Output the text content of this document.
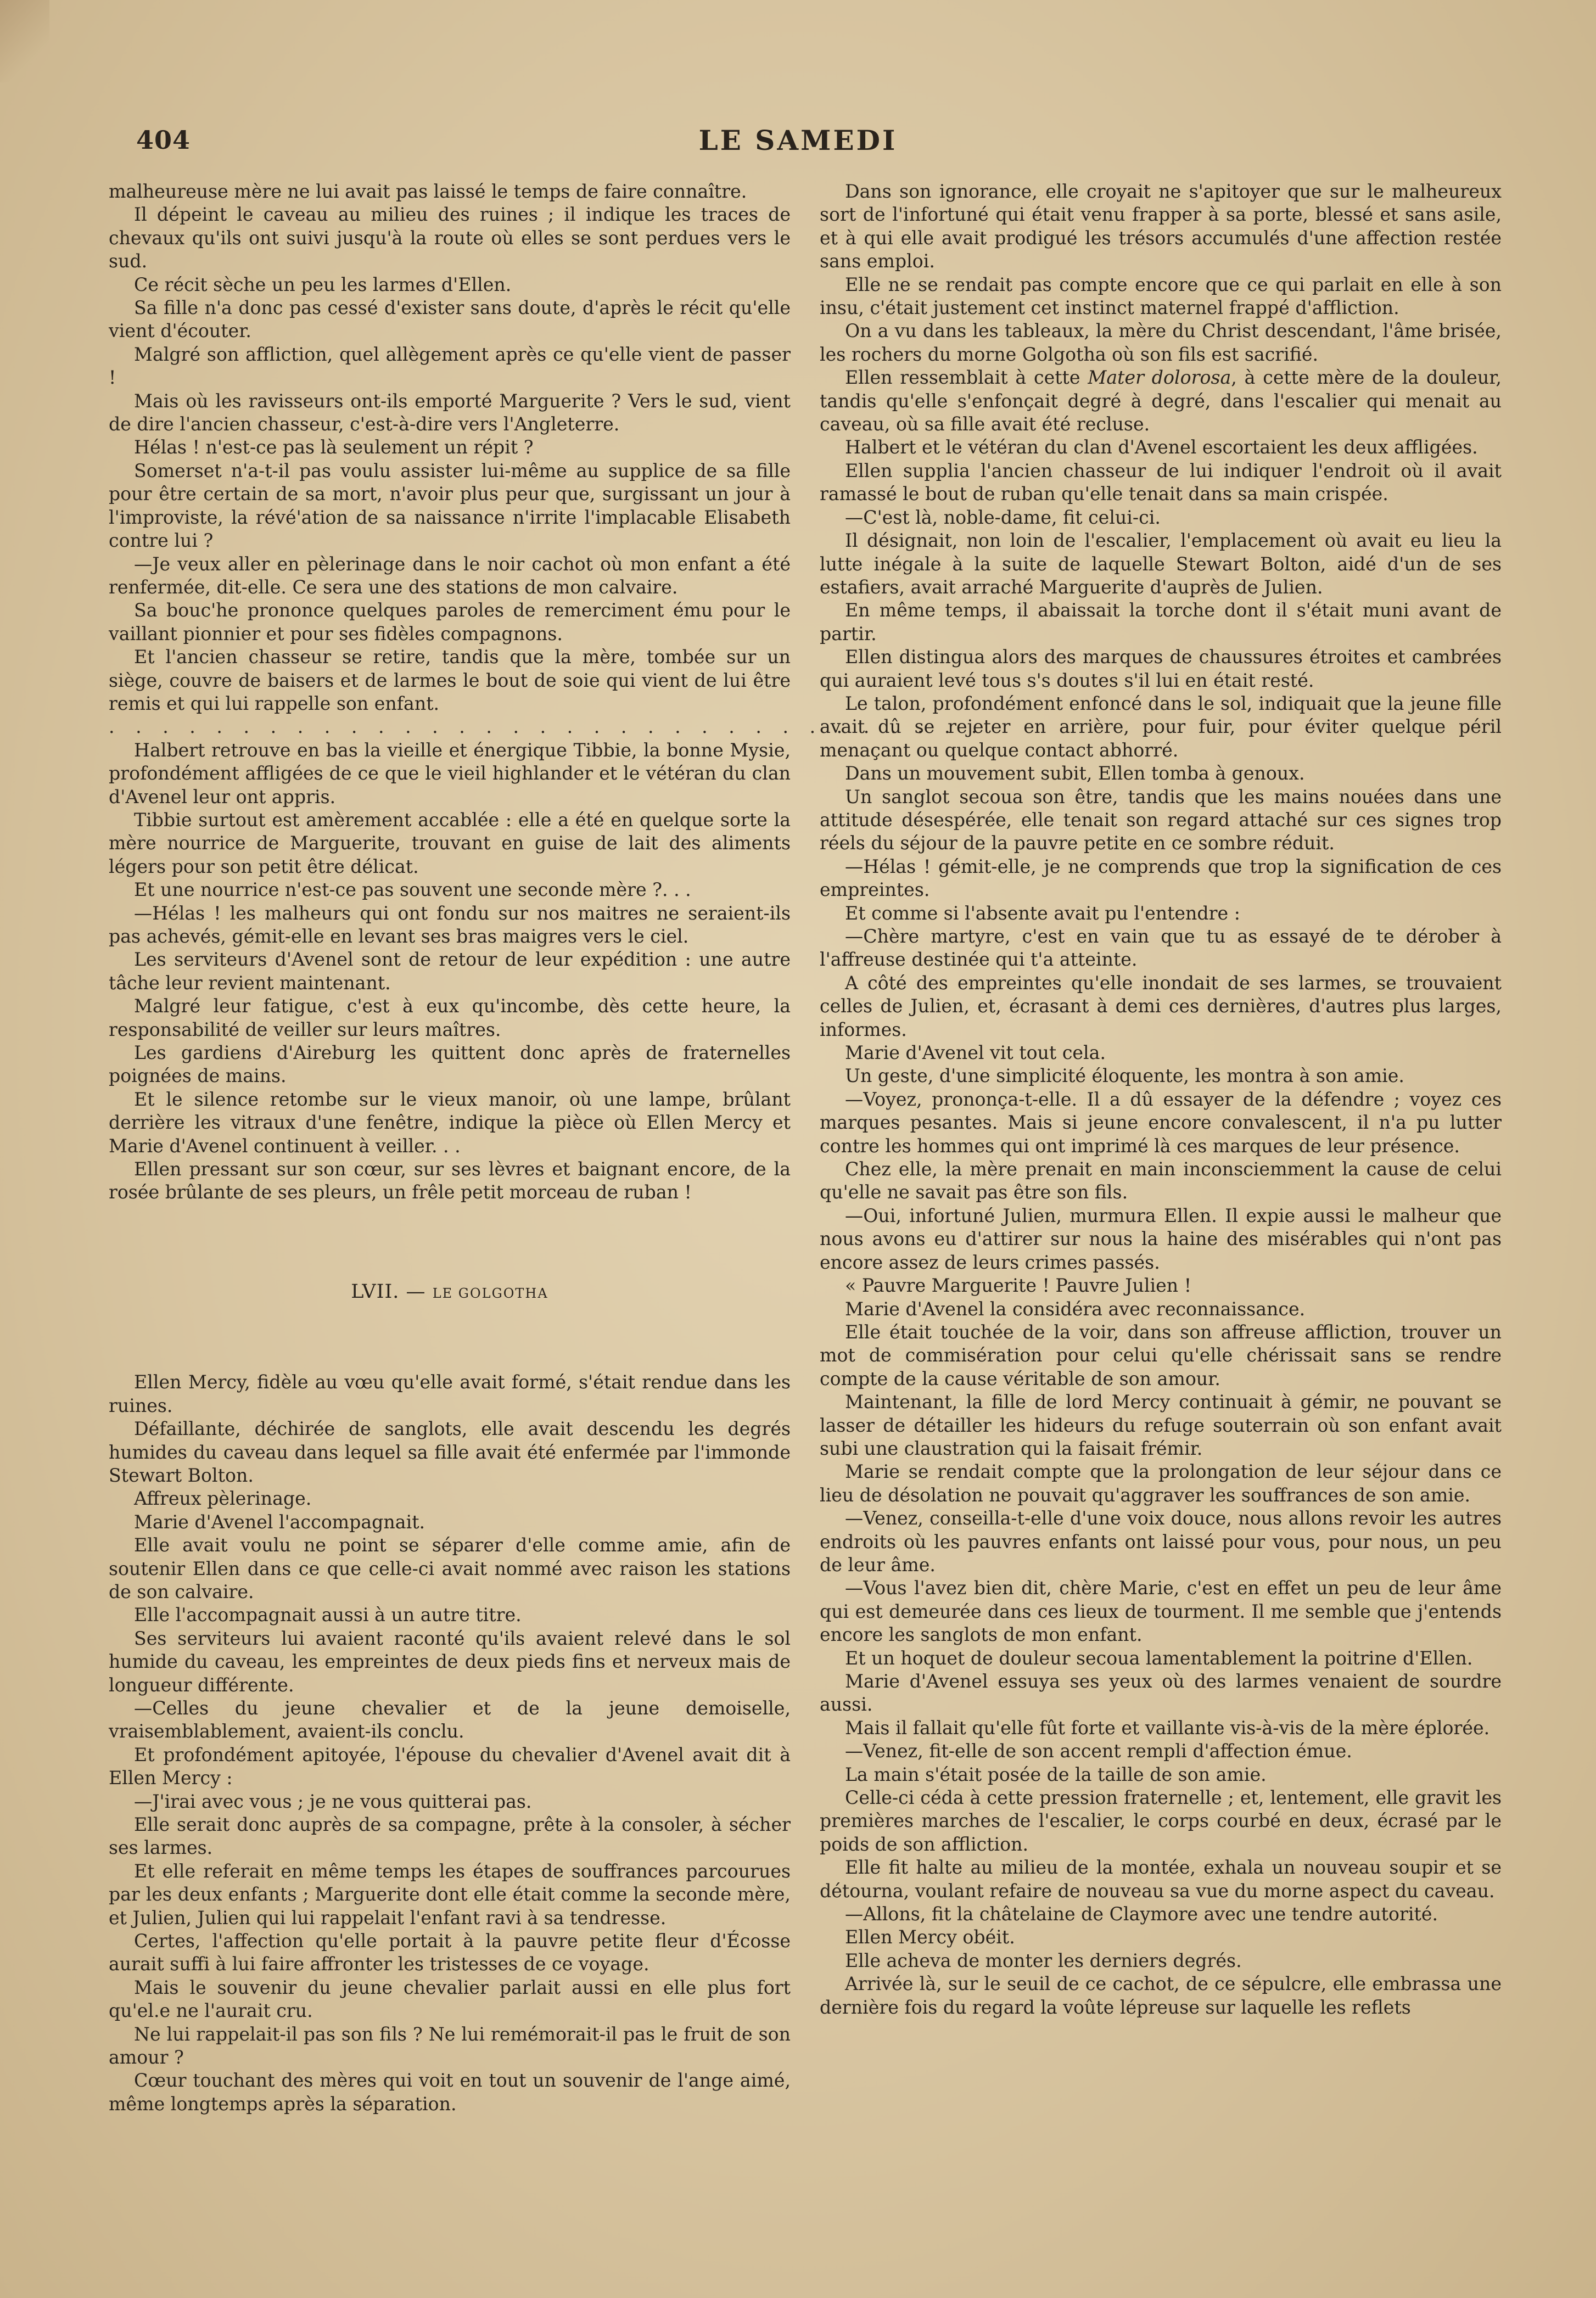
404	LE SAMEDI

malheureuse mère ne lui avait pas laissé le temps de faire connaître.

Il dépeint le caveau au milieu des ruines ; il indique les traces de chevaux qu'ils ont suivi jusqu'à la route où elles se sont perdues vers le sud.

Ce récit sèche un peu les larmes d'Ellen.

Sa fille n'a donc pas cessé d'exister sans doute, d'après le récit qu'elle vient d'écouter.

Malgré son affliction, quel allègement après ce qu'elle vient de passer !

Mais où les ravisseurs ont-ils emporté Marguerite ? Vers le sud, vient de dire l'ancien chasseur, c'est-à-dire vers l'Angleterre.

Hélas ! n'est-ce pas là seulement un répit ?

Somerset n'a-t-il pas voulu assister lui-même au supplice de sa fille pour être certain de sa mort, n'avoir plus peur que, surgissant un jour à l'improviste, la révé'ation de sa naissance n'irrite l'implacable Elisabeth contre lui ?

—Je veux aller en pèlerinage dans le noir cachot où mon enfant a été renfermée, dit-elle. Ce sera une des stations de mon calvaire.

Sa bouc'he prononce quelques paroles de remerciment ému pour le vaillant pionnier et pour ses fidèles compagnons.

Et l'ancien chasseur se retire, tandis que la mère, tombée sur un siège, couvre de baisers et de larmes le bout de soie qui vient de lui être remis et qui lui rappelle son enfant.

. . . . . . . . . . . . . . . . . . . . . . . . . . . . . . . . .

Halbert retrouve en bas la vieille et énergique Tibbie, la bonne Mysie, profondément affligées de ce que le vieil highlander et le vétéran du clan d'Avenel leur ont appris.

Tibbie surtout est amèrement accablée : elle a été en quelque sorte la mère nourrice de Marguerite, trouvant en guise de lait des aliments légers pour son petit être délicat.

Et une nourrice n'est-ce pas souvent une seconde mère ?. . .

—Hélas ! les malheurs qui ont fondu sur nos maitres ne seraient-ils pas achevés, gémit-elle en levant ses bras maigres vers le ciel.

Les serviteurs d'Avenel sont de retour de leur expédition : une autre tâche leur revient maintenant.

Malgré leur fatigue, c'est à eux qu'incombe, dès cette heure, la responsabilité de veiller sur leurs maîtres.

Les gardiens d'Aireburg les quittent donc après de fraternelles poignées de mains.

Et le silence retombe sur le vieux manoir, où une lampe, brûlant derrière les vitraux d'une fenêtre, indique la pièce où Ellen Mercy et Marie d'Avenel continuent à veiller. . .

Ellen pressant sur son cœur, sur ses lèvres et baignant encore, de la rosée brûlante de ses pleurs, un frêle petit morceau de ruban !

LVII. — LE GOLGOTHA

Ellen Mercy, fidèle au vœu qu'elle avait formé, s'était rendue dans les ruines.

Défaillante, déchirée de sanglots, elle avait descendu les degrés humides du caveau dans lequel sa fille avait été enfermée par l'immonde Stewart Bolton.

Affreux pèlerinage.

Marie d'Avenel l'accompagnait.

Elle avait voulu ne point se séparer d'elle comme amie, afin de soutenir Ellen dans ce que celle-ci avait nommé avec raison les stations de son calvaire.

Elle l'accompagnait aussi à un autre titre.

Ses serviteurs lui avaient raconté qu'ils avaient relevé dans le sol humide du caveau, les empreintes de deux pieds fins et nerveux mais de longueur différente.

—Celles du jeune chevalier et de la jeune demoiselle, vraisemblablement, avaient-ils conclu.

Et profondément apitoyée, l'épouse du chevalier d'Avenel avait dit à Ellen Mercy :

—J'irai avec vous ; je ne vous quitterai pas.

Elle serait donc auprès de sa compagne, prête à la consoler, à sécher ses larmes.

Et elle referait en même temps les étapes de souffrances parcourues par les deux enfants ; Marguerite dont elle était comme la seconde mère, et Julien, Julien qui lui rappelait l'enfant ravi à sa tendresse.

Certes, l'affection qu'elle portait à la pauvre petite fleur d'Écosse aurait suffi à lui faire affronter les tristesses de ce voyage.

Mais le souvenir du jeune chevalier parlait aussi en elle plus fort qu'el.e ne l'aurait cru.

Ne lui rappelait-il pas son fils ? Ne lui remémorait-il pas le fruit de son amour ?

Cœur touchant des mères qui voit en tout un souvenir de l'ange aimé, même longtemps après la séparation.

Dans son ignorance, elle croyait ne s'apitoyer que sur le malheureux sort de l'infortuné qui était venu frapper à sa porte, blessé et sans asile, et à qui elle avait prodigué les trésors accumulés d'une affection restée sans emploi.

Elle ne se rendait pas compte encore que ce qui parlait en elle à son insu, c'était justement cet instinct maternel frappé d'affliction.

On a vu dans les tableaux, la mère du Christ descendant, l'âme brisée, les rochers du morne Golgotha où son fils est sacrifié.

Ellen ressemblait à cette Mater dolorosa, à cette mère de la douleur, tandis qu'elle s'enfonçait degré à degré, dans l'escalier qui menait au caveau, où sa fille avait été recluse.

Halbert et le vétéran du clan d'Avenel escortaient les deux affligées.

Ellen supplia l'ancien chasseur de lui indiquer l'endroit où il avait ramassé le bout de ruban qu'elle tenait dans sa main crispée.

—C'est là, noble-dame, fit celui-ci.

Il désignait, non loin de l'escalier, l'emplacement où avait eu lieu la lutte inégale à la suite de laquelle Stewart Bolton, aidé d'un de ses estafiers, avait arraché Marguerite d'auprès de Julien.

En même temps, il abaissait la torche dont il s'était muni avant de partir.

Ellen distingua alors des marques de chaussures étroites et cambrées qui auraient levé tous s's doutes s'il lui en était resté.

Le talon, profondément enfoncé dans le sol, indiquait que la jeune fille avait dû se rejeter en arrière, pour fuir, pour éviter quelque péril menaçant ou quelque contact abhorré.

Dans un mouvement subit, Ellen tomba à genoux.

Un sanglot secoua son être, tandis que les mains nouées dans une attitude désespérée, elle tenait son regard attaché sur ces signes trop réels du séjour de la pauvre petite en ce sombre réduit.

—Hélas ! gémit-elle, je ne comprends que trop la signification de ces empreintes.

Et comme si l'absente avait pu l'entendre :

—Chère martyre, c'est en vain que tu as essayé de te dérober à l'affreuse destinée qui t'a atteinte.

A côté des empreintes qu'elle inondait de ses larmes, se trouvaient celles de Julien, et, écrasant à demi ces dernières, d'autres plus larges, informes.

Marie d'Avenel vit tout cela.

Un geste, d'une simplicité éloquente, les montra à son amie.

—Voyez, prononça-t-elle. Il a dû essayer de la défendre ; voyez ces marques pesantes. Mais si jeune encore convalescent, il n'a pu lutter contre les hommes qui ont imprimé là ces marques de leur présence.

Chez elle, la mère prenait en main inconsciemment la cause de celui qu'elle ne savait pas être son fils.

—Oui, infortuné Julien, murmura Ellen. Il expie aussi le malheur que nous avons eu d'attirer sur nous la haine des misérables qui n'ont pas encore assez de leurs crimes passés.

« Pauvre Marguerite ! Pauvre Julien !

Marie d'Avenel la considéra avec reconnaissance.

Elle était touchée de la voir, dans son affreuse affliction, trouver un mot de commisération pour celui qu'elle chérissait sans se rendre compte de la cause véritable de son amour.

Maintenant, la fille de lord Mercy continuait à gémir, ne pouvant se lasser de détailler les hideurs du refuge souterrain où son enfant avait subi une claustration qui la faisait frémir.

Marie se rendait compte que la prolongation de leur séjour dans ce lieu de désolation ne pouvait qu'aggraver les souffrances de son amie.

—Venez, conseilla-t-elle d'une voix douce, nous allons revoir les autres endroits où les pauvres enfants ont laissé pour vous, pour nous, un peu de leur âme.

—Vous l'avez bien dit, chère Marie, c'est en effet un peu de leur âme qui est demeurée dans ces lieux de tourment. Il me semble que j'entends encore les sanglots de mon enfant.

Et un hoquet de douleur secoua lamentablement la poitrine d'Ellen.

Marie d'Avenel essuya ses yeux où des larmes venaient de sourdre aussi.

Mais il fallait qu'elle fût forte et vaillante vis-à-vis de la mère éplorée.

—Venez, fit-elle de son accent rempli d'affection émue.

La main s'était posée de la taille de son amie.

Celle-ci céda à cette pression fraternelle ; et, lentement, elle gravit les premières marches de l'escalier, le corps courbé en deux, écrasé par le poids de son affliction.

Elle fit halte au milieu de la montée, exhala un nouveau soupir et se détourna, voulant refaire de nouveau sa vue du morne aspect du caveau.

—Allons, fit la châtelaine de Claymore avec une tendre autorité.

Ellen Mercy obéit.

Elle acheva de monter les derniers degrés.

Arrivée là, sur le seuil de ce cachot, de ce sépulcre, elle embrassa une dernière fois du regard la voûte lépreuse sur laquelle les reflets
